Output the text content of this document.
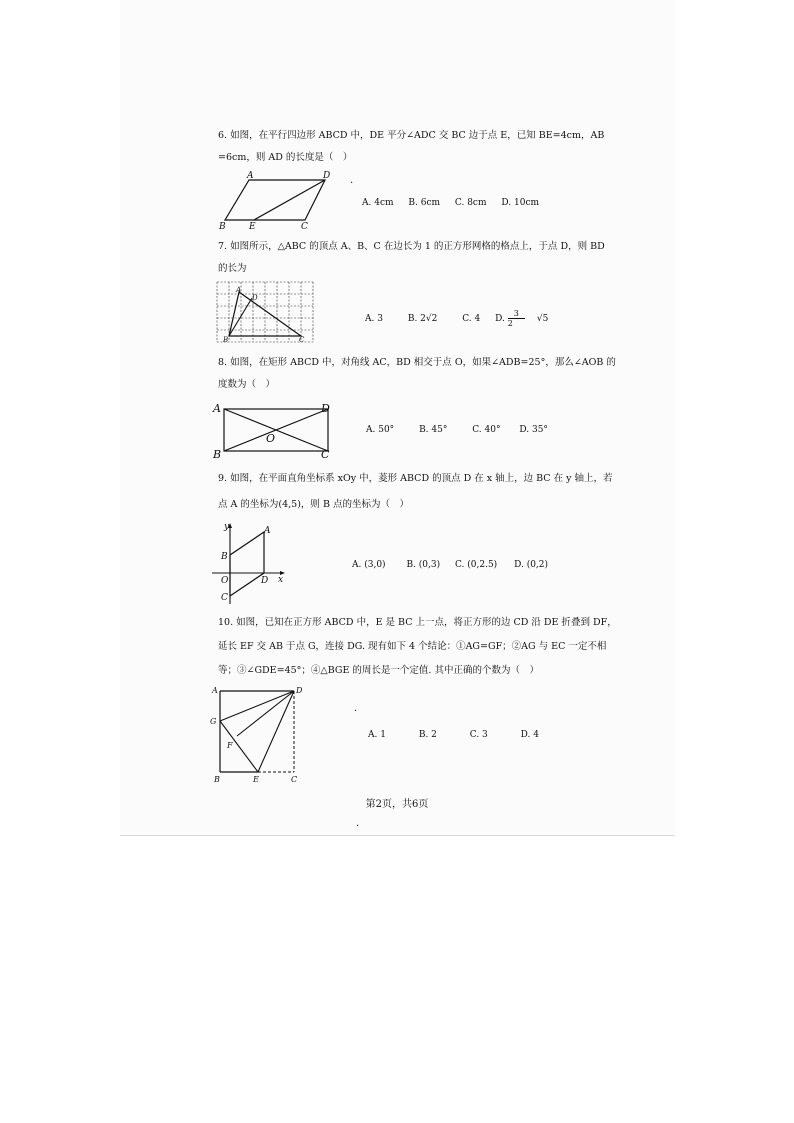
6. 如图，在平行四边形 ABCD 中，DE 平分∠ADC 交 BC 边于点 E，已知 BE=4cm，AB
=6cm，则 AD 的长度是（　）
A	D
B	E	C
.
A. 4cm B. 6cm C. 8cm D. 10cm
7. 如图所示，△ABC 的顶点 A、B、C 在边长为 1 的正方形网格的格点上，于点 D，则 BD
的长为
A
D
B	C
A. 3	B. 2√2	C. 4 D. $\frac{3}{2} √5$
8. 如图，在矩形 ABCD 中，对角线 AC，BD 相交于点 O，如果∠ADB=25°，那么∠AOB 的
度数为（　）
A	D
B	C
O
A. 50°	B. 45°	C. 40° D. 35°
9. 如图，在平面直角坐标系 xOy 中，菱形 ABCD 的顶点 D 在 x 轴上，边 BC 在 y 轴上，若
点 A 的坐标为(4,5)，则 B 点的坐标为（　）
y	A
B
O	D x
C
A. (3,0) B. (0,3) C. (0,2.5) D. (0,2)
10. 如图，已知在正方形 ABCD 中，E 是 BC 上一点，将正方形的边 CD 沿 DE 折叠到 DF，
延长 EF 交 AB 于点 G，连接 DG. 现有如下 4 个结论：①AG=GF；②AG 与 EC 一定不相
等；③∠GDE=45°；④△BGE 的周长是一个定值. 其中正确的个数为（　）
A	D
G
F
B	E	C
.
A. 1	B. 2	C. 3	D. 4
第2页，共6页
.
